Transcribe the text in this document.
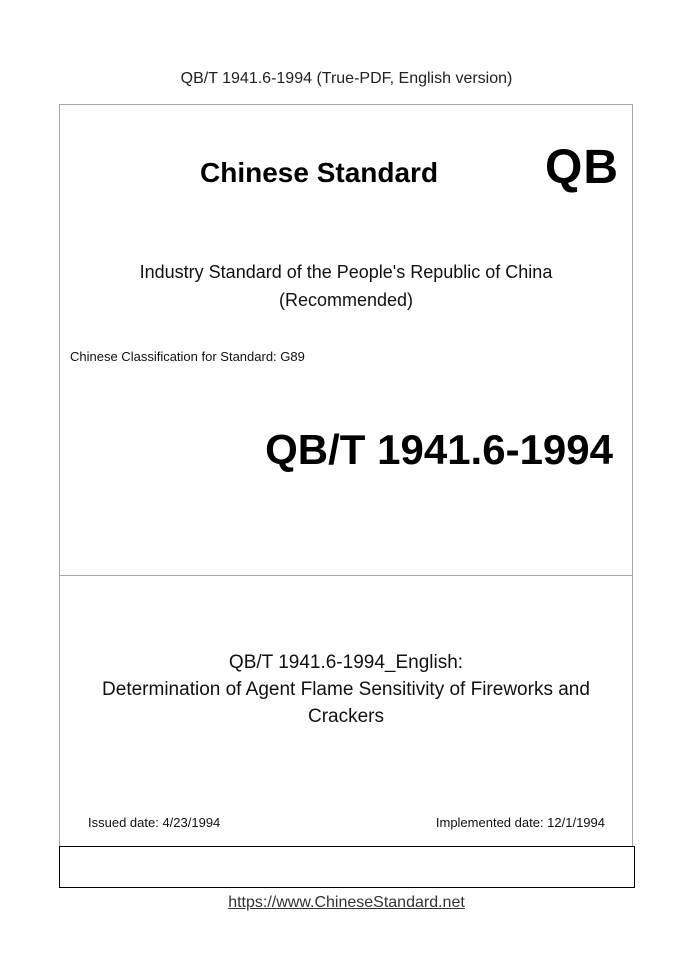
QB/T 1941.6-1994 (True-PDF, English version)
Chinese Standard QB
Industry Standard of the People's Republic of China
(Recommended)
Chinese Classification for Standard: G89
QB/T 1941.6-1994
QB/T 1941.6-1994_English:
Determination of Agent Flame Sensitivity of Fireworks and
Crackers
Issued date: 4/23/1994	Implemented date: 12/1/1994
https://www.ChineseStandard.net
